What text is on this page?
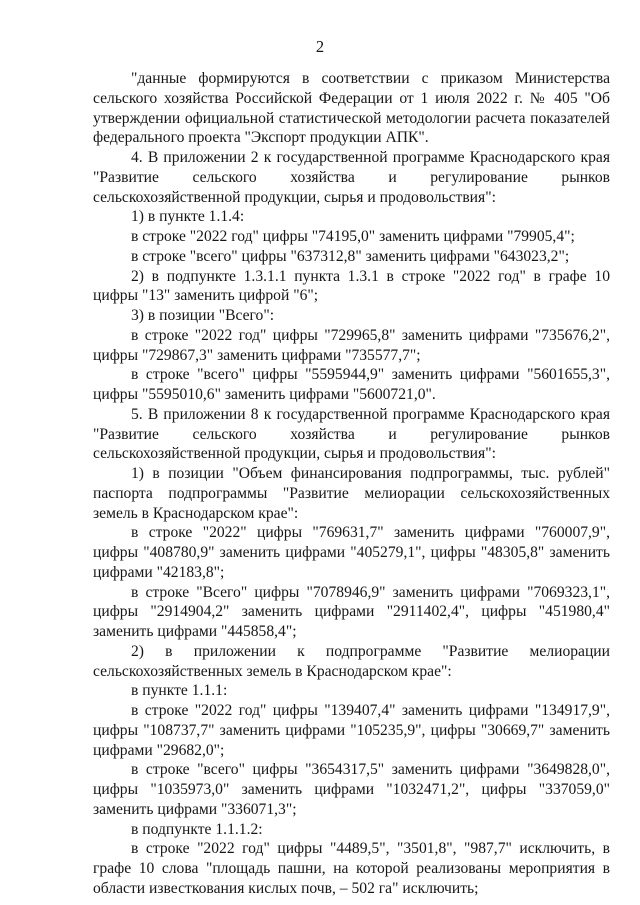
2

"данные формируются в соответствии с приказом Министерства сельского хозяйства Российской Федерации от 1 июля 2022 г. № 405 "Об утверждении официальной статистической методологии расчета показателей федерального проекта "Экспорт продукции АПК".

4. В приложении 2 к государственной программе Краснодарского края "Развитие сельского хозяйства и регулирование рынков сельскохозяйственной продукции, сырья и продовольствия":

1) в пункте 1.1.4:

в строке "2022 год" цифры "74195,0" заменить цифрами "79905,4";

в строке "всего" цифры "637312,8" заменить цифрами "643023,2";

2) в подпункте 1.3.1.1 пункта 1.3.1 в строке "2022 год" в графе 10 цифры "13" заменить цифрой "6";

3) в позиции "Всего":

в строке "2022 год" цифры "729965,8" заменить цифрами "735676,2", цифры "729867,3" заменить цифрами "735577,7";

в строке "всего" цифры "5595944,9" заменить цифрами "5601655,3", цифры "5595010,6" заменить цифрами "5600721,0".

5. В приложении 8 к государственной программе Краснодарского края "Развитие сельского хозяйства и регулирование рынков сельскохозяйственной продукции, сырья и продовольствия":

1) в позиции "Объем финансирования подпрограммы, тыс. рублей" паспорта подпрограммы "Развитие мелиорации сельскохозяйственных земель в Краснодарском крае":

в строке "2022" цифры "769631,7" заменить цифрами "760007,9", цифры "408780,9" заменить цифрами "405279,1", цифры "48305,8" заменить цифрами "42183,8";

в строке "Всего" цифры "7078946,9" заменить цифрами "7069323,1", цифры "2914904,2" заменить цифрами "2911402,4", цифры "451980,4" заменить цифрами "445858,4";

2) в приложении к подпрограмме "Развитие мелиорации сельскохозяйственных земель в Краснодарском крае":

в пункте 1.1.1:

в строке "2022 год" цифры "139407,4" заменить цифрами "134917,9", цифры "108737,7" заменить цифрами "105235,9", цифры "30669,7" заменить цифрами "29682,0";

в строке "всего" цифры "3654317,5" заменить цифрами "3649828,0", цифры "1035973,0" заменить цифрами "1032471,2", цифры "337059,0" заменить цифрами "336071,3";

в подпункте 1.1.1.2:

в строке "2022 год" цифры "4489,5", "3501,8", "987,7" исключить, в графе 10 слова "площадь пашни, на которой реализованы мероприятия в области известкования кислых почв, – 502 га" исключить;
